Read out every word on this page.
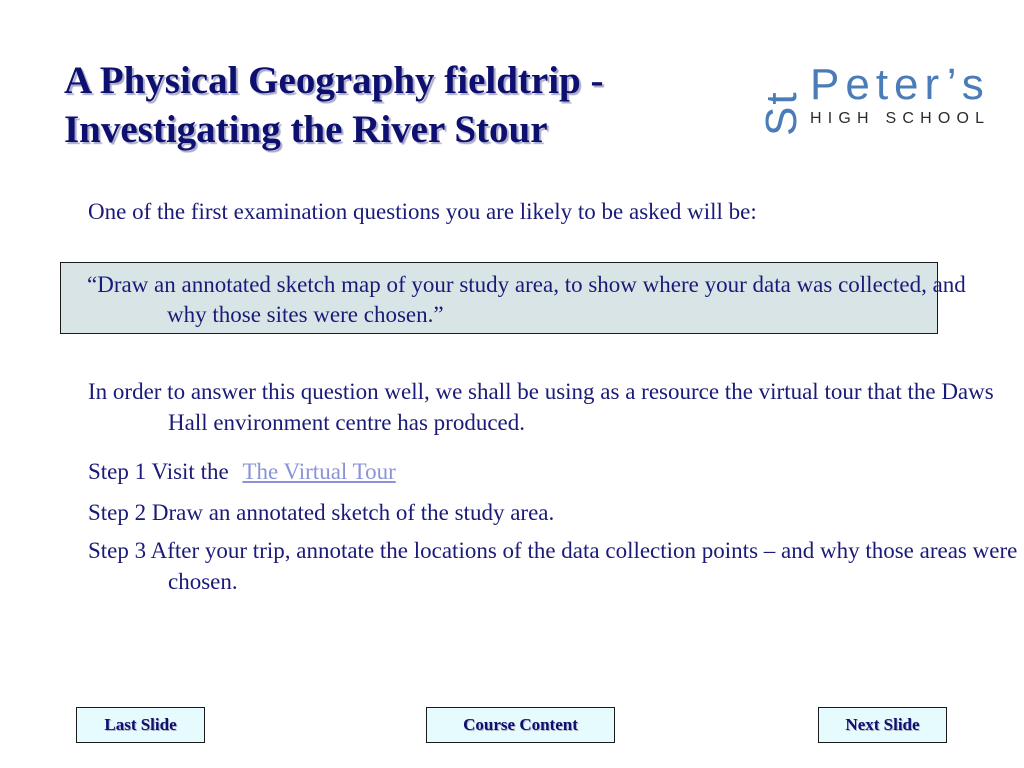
A Physical Geography fieldtrip -
Investigating the River Stour	St
Peter’s
HIGH SCHOOL

One of the first examination questions you are likely to be asked will be:

“Draw an annotated sketch map of your study area, to show where your data was collected, and why those sites were chosen.”

In order to answer this question well, we shall be using as a resource the virtual tour that the Daws Hall environment centre has produced.

Step 1 Visit the The Virtual Tour

Step 2 Draw an annotated sketch of the study area.

Step 3 After your trip, annotate the locations of the data collection points – and why those areas were chosen.

Last Slide	Course Content	Next Slide
